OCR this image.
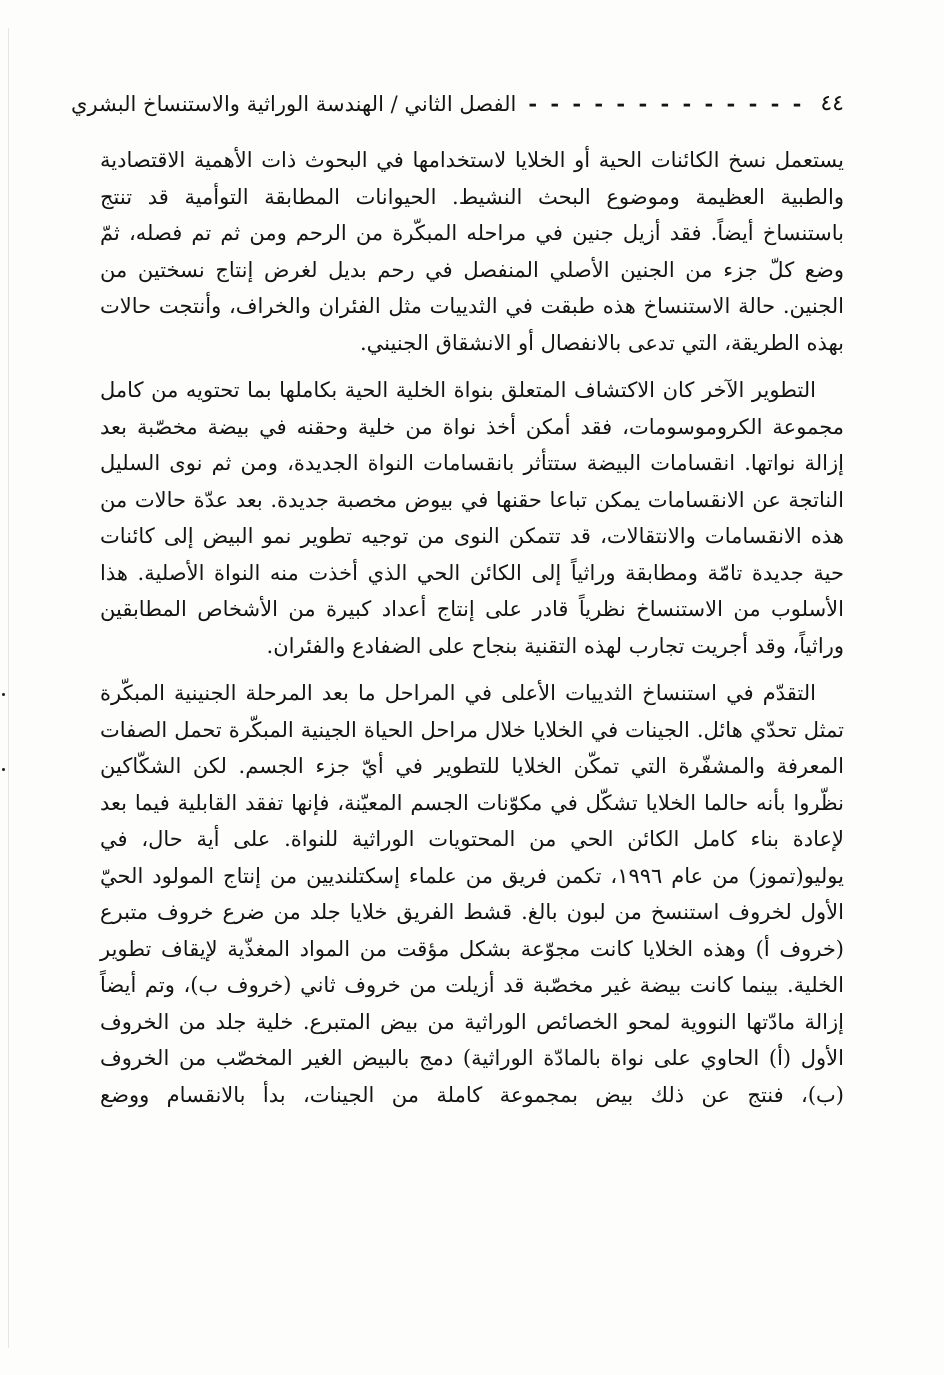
٤٤
- - - - - - - - - - - - -
الفصل الثاني / الهندسة الوراثية والاستنساخ البشري

يستعمل نسخ الكائنات الحية أو الخلايا لاستخدامها في البحوث ذات الأهمية الاقتصادية والطبية العظيمة وموضوع البحث النشيط. الحيوانات المطابقة التوأمية قد تنتج باستنساخ أيضاً. فقد أزيل جنين في مراحله المبكّرة من الرحم ومن ثم تم فصله، ثمّ وضع كلّ جزء من الجنين الأصلي المنفصل في رحم بديل لغرض إنتاج نسختين من الجنين. حالة الاستنساخ هذه طبقت في الثدييات مثل الفئران والخراف، وأنتجت حالات بهذه الطريقة، التي تدعى بالانفصال أو الانشقاق الجنيني.

التطوير الآخر كان الاكتشاف المتعلق بنواة الخلية الحية بكاملها بما تحتويه من كامل مجموعة الكروموسومات، فقد أمكن أخذ نواة من خلية وحقنه في بيضة مخصّبة بعد إزالة نواتها. انقسامات البيضة ستتأثر بانقسامات النواة الجديدة، ومن ثم نوى السليل الناتجة عن الانقسامات يمكن تباعا حقنها في بيوض مخصبة جديدة. بعد عدّة حالات من هذه الانقسامات والانتقالات، قد تتمكن النوى من توجيه تطوير نمو البيض إلى كائنات حية جديدة تامّة ومطابقة وراثياً إلى الكائن الحي الذي أخذت منه النواة الأصلية. هذا الأسلوب من الاستنساخ نظرياً قادر على إنتاج أعداد كبيرة من الأشخاص المطابقين وراثياً، وقد أجريت تجارب لهذه التقنية بنجاح على الضفادع والفئران.

التقدّم في استنساخ الثدييات الأعلى في المراحل ما بعد المرحلة الجنينية المبكّرة تمثل تحدّي هائل. الجينات في الخلايا خلال مراحل الحياة الجينية المبكّرة تحمل الصفات المعرفة والمشفّرة التي تمكّن الخلايا للتطوير في أيّ جزء الجسم. لكن الشكّاكين نظّروا بأنه حالما الخلايا تشكّل في مكوّنات الجسم المعيّنة، فإنها تفقد القابلية فيما بعد لإعادة بناء كامل الكائن الحي من المحتويات الوراثية للنواة. على أية حال، في يوليو(تموز) من عام ١٩٩٦، تكمن فريق من علماء إسكتلنديين من إنتاج المولود الحيّ الأول لخروف استنسخ من لبون بالغ. قشط الفريق خلايا جلد من ضرع خروف متبرع (خروف أ) وهذه الخلايا كانت مجوّعة بشكل مؤقت من المواد المغذّية لإيقاف تطوير الخلية. بينما كانت بيضة غير مخصّبة قد أزيلت من خروف ثاني (خروف ب)، وتم أيضاً إزالة مادّتها النووية لمحو الخصائص الوراثية من بيض المتبرع. خلية جلد من الخروف الأول (أ) الحاوي على نواة بالمادّة الوراثية) دمج بالبيض الغير المخصّب من الخروف (ب)، فنتج عن ذلك بيض بمجموعة كاملة من الجينات، بدأ بالانقسام ووضع
